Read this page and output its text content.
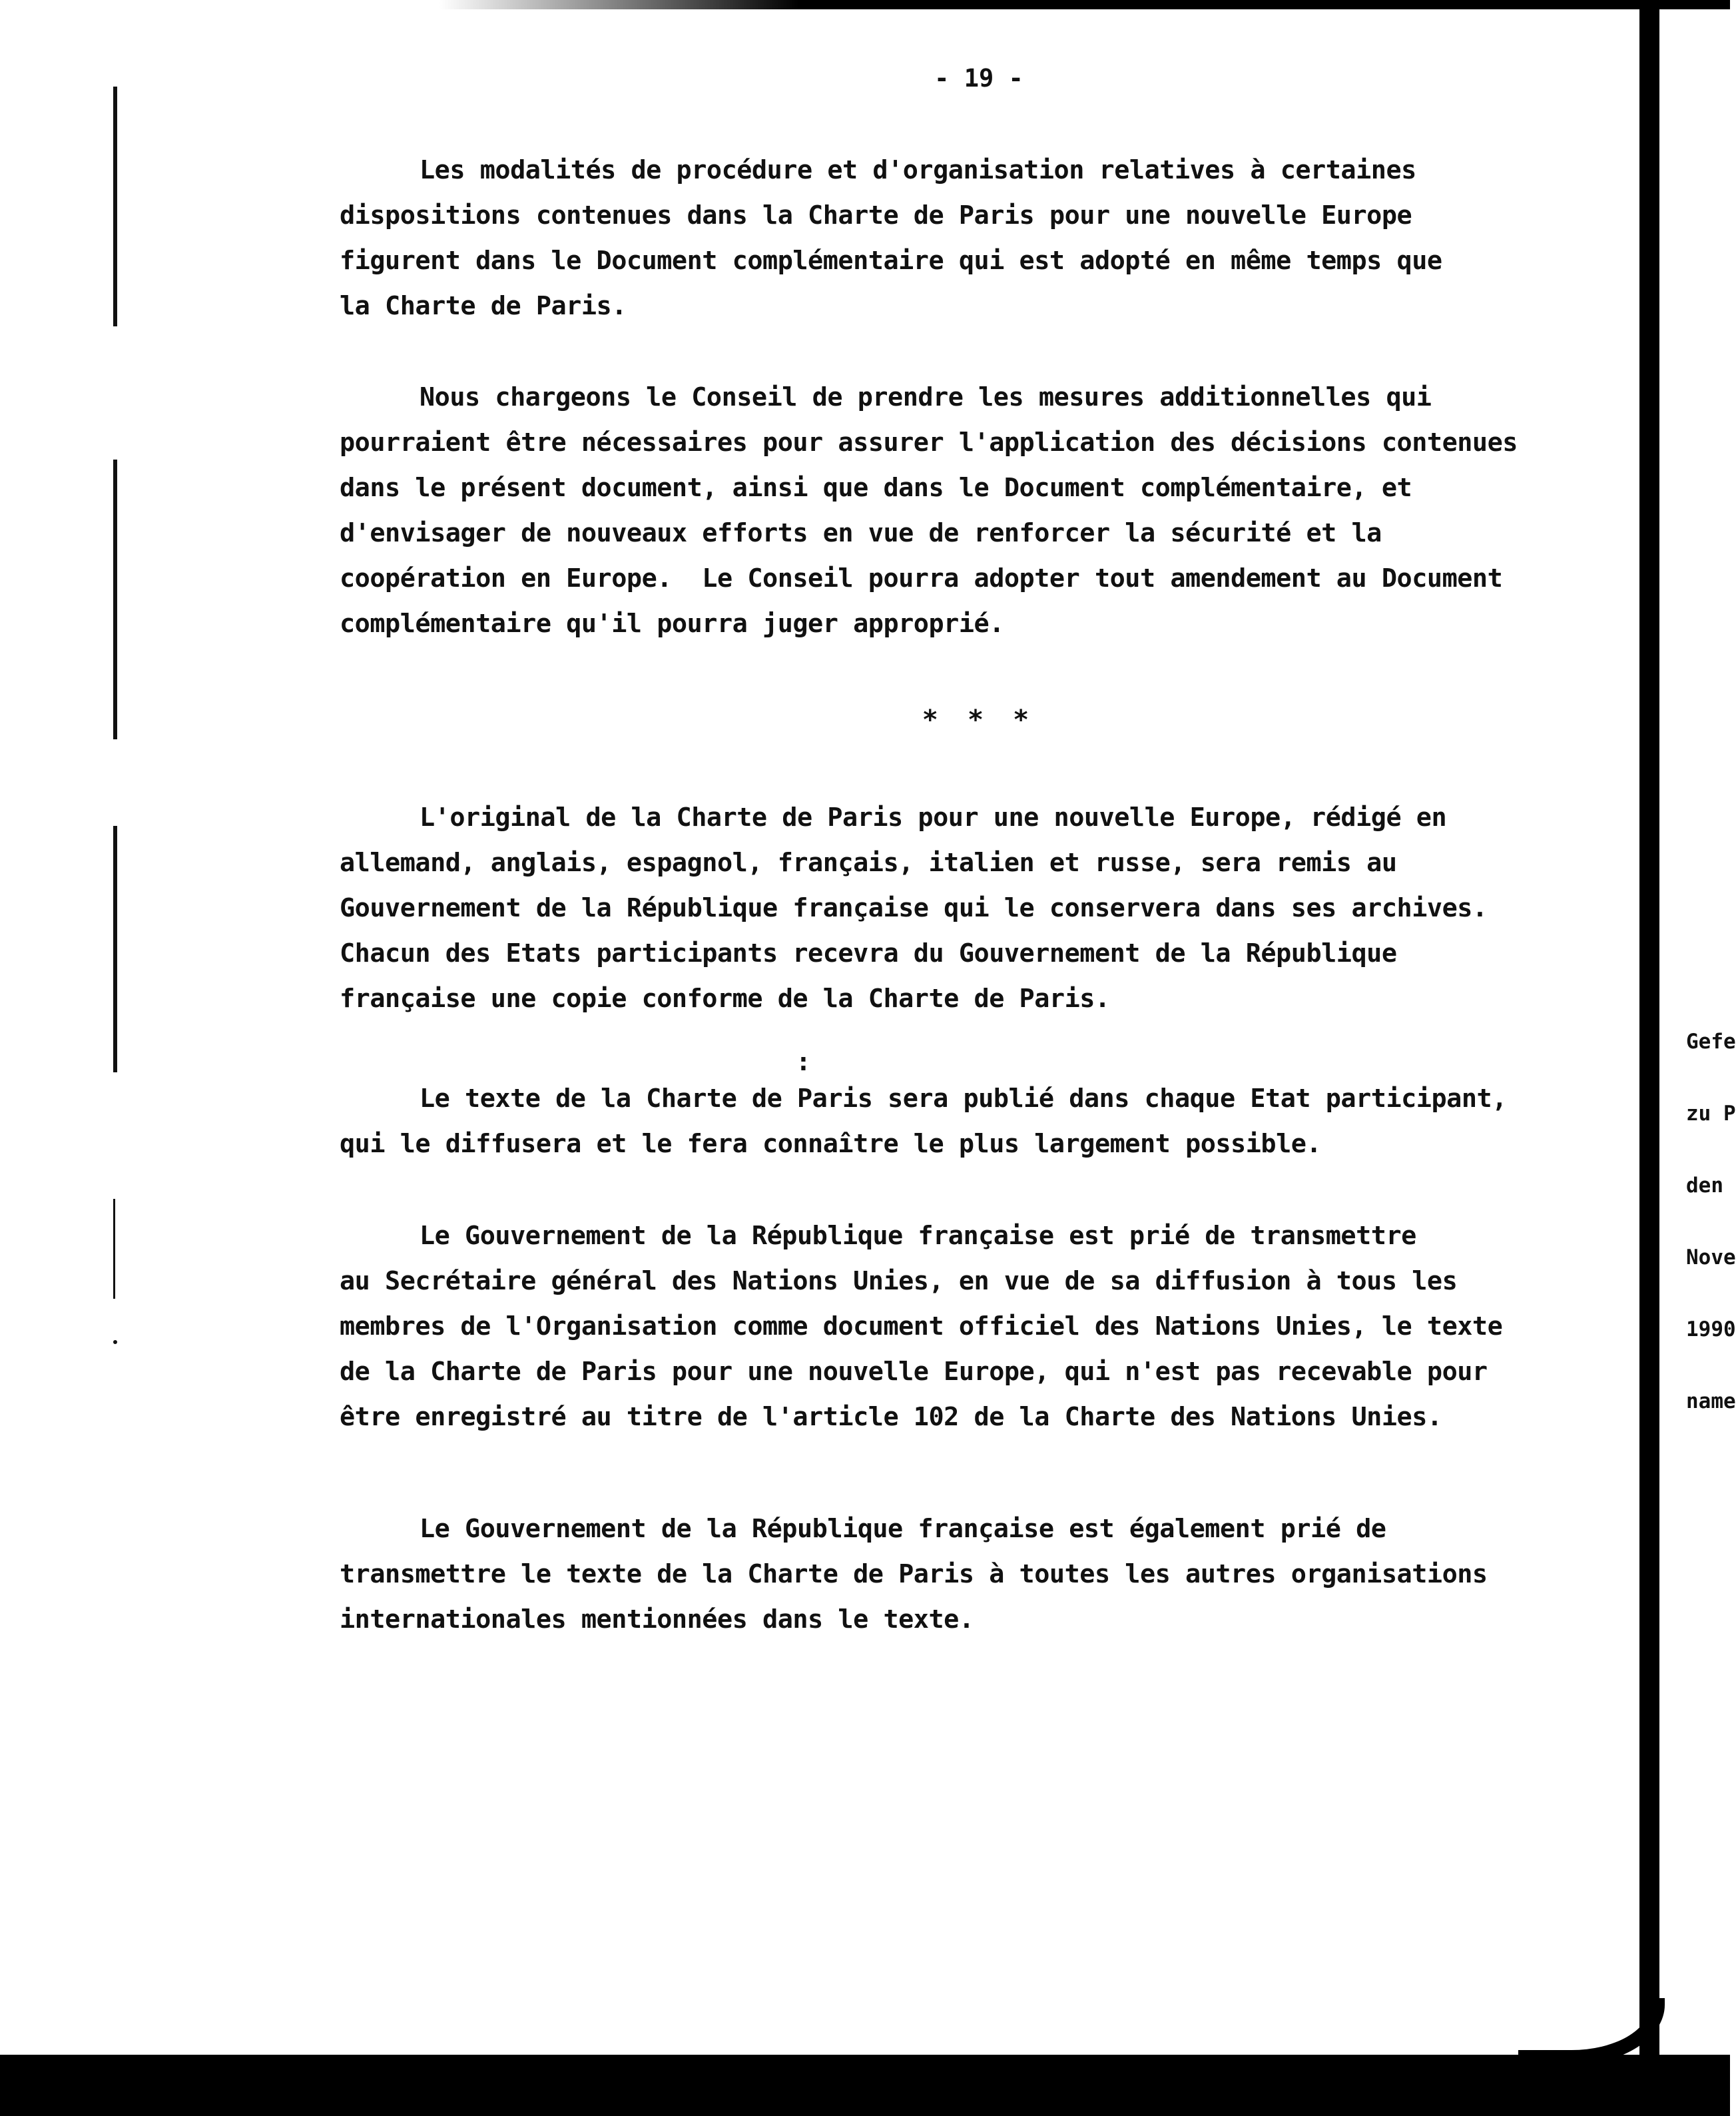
- 19 -
Les modalités de procédure et d'organisation relatives à certaines
dispositions contenues dans la Charte de Paris pour une nouvelle Europe
figurent dans le Document complémentaire qui est adopté en même temps que
la Charte de Paris.
Nous chargeons le Conseil de prendre les mesures additionnelles qui
pourraient être nécessaires pour assurer l'application des décisions contenues
dans le présent document, ainsi que dans le Document complémentaire, et
d'envisager de nouveaux efforts en vue de renforcer la sécurité et la
coopération en Europe.  Le Conseil pourra adopter tout amendement au Document
complémentaire qu'il pourra juger approprié.
* * *
L'original de la Charte de Paris pour une nouvelle Europe, rédigé en
allemand, anglais, espagnol, français, italien et russe, sera remis au
Gouvernement de la République française qui le conservera dans ses archives.
Chacun des Etats participants recevra du Gouvernement de la République
française une copie conforme de la Charte de Paris.
:
Le texte de la Charte de Paris sera publié dans chaque Etat participant,
qui le diffusera et le fera connaître le plus largement possible.
Le Gouvernement de la République française est prié de transmettre
au Secrétaire général des Nations Unies, en vue de sa diffusion à tous les
membres de l'Organisation comme document officiel des Nations Unies, le texte
de la Charte de Paris pour une nouvelle Europe, qui n'est pas recevable pour
être enregistré au titre de l'article 102 de la Charte des Nations Unies.
Le Gouvernement de la République française est également prié de
transmettre le texte de la Charte de Paris à toutes les autres organisations
internationales mentionnées dans le texte.

Gefe

zu P

den

Nove

1990

name
